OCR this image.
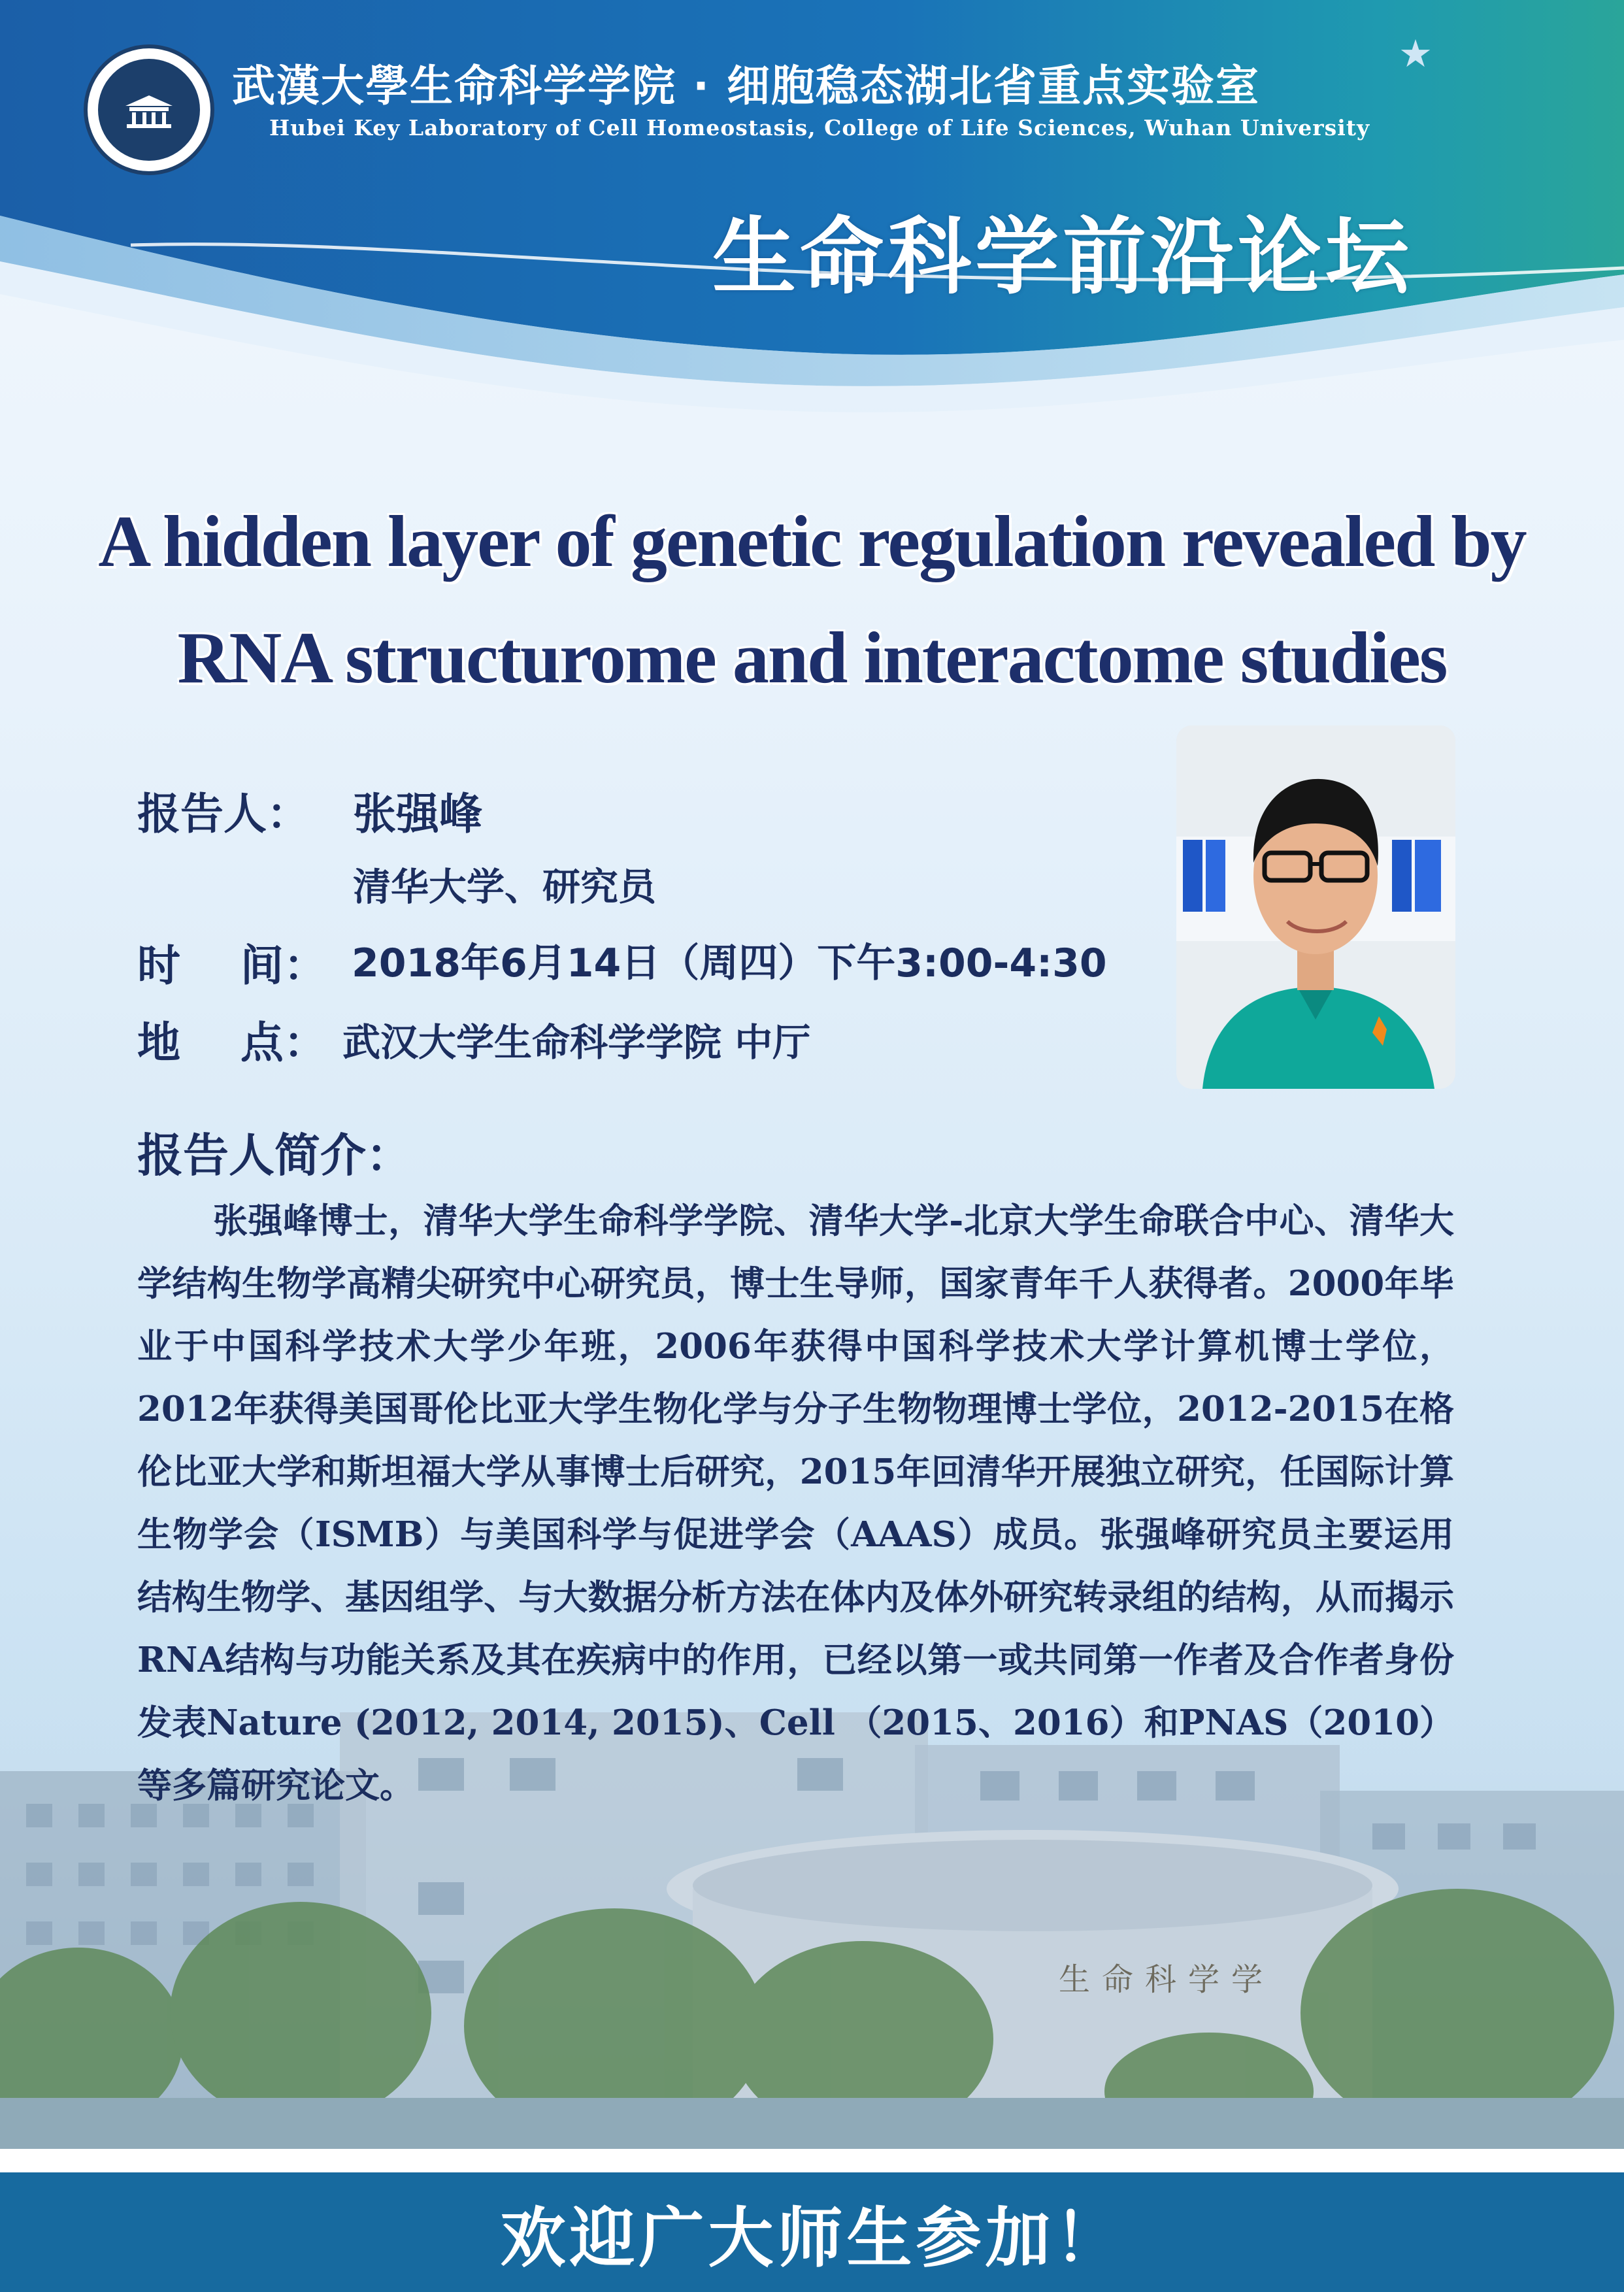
★
武漢大學生命科学学院 · 细胞稳态湖北省重点实验室
Hubei Key Laboratory of Cell Homeostasis, College of Life Sciences, Wuhan University
生命科学前沿论坛
A hidden layer of genetic regulation revealed by
RNA structurome and interactome studies
报告人： 张强峰
清华大学、研究员
时    间： 2018年6月14日（周四）下午3:00-4:30
地    点： 武汉大学生命科学学院 中厅
报告人简介：
生命科学学
张强峰博士，清华大学生命科学学院、清华大学-北京大学生命联合中心、清华大学结构生物学高精尖研究中心研究员，博士生导师，国家青年千人获得者。2000年毕业于中国科学技术大学少年班，2006年获得中国科学技术大学计算机博士学位，2012年获得美国哥伦比亚大学生物化学与分子生物物理博士学位，2012-2015在格伦比亚大学和斯坦福大学从事博士后研究，2015年回清华开展独立研究，任国际计算生物学会（ISMB）与美国科学与促进学会（AAAS）成员。张强峰研究员主要运用结构生物学、基因组学、与大数据分析方法在体内及体外研究转录组的结构，从而揭示RNA结构与功能关系及其在疾病中的作用，已经以第一或共同第一作者及合作者身份发表Nature (2012, 2014, 2015)、Cell （2015、2016）和PNAS（2010）等多篇研究论文。
欢迎广大师生参加！
